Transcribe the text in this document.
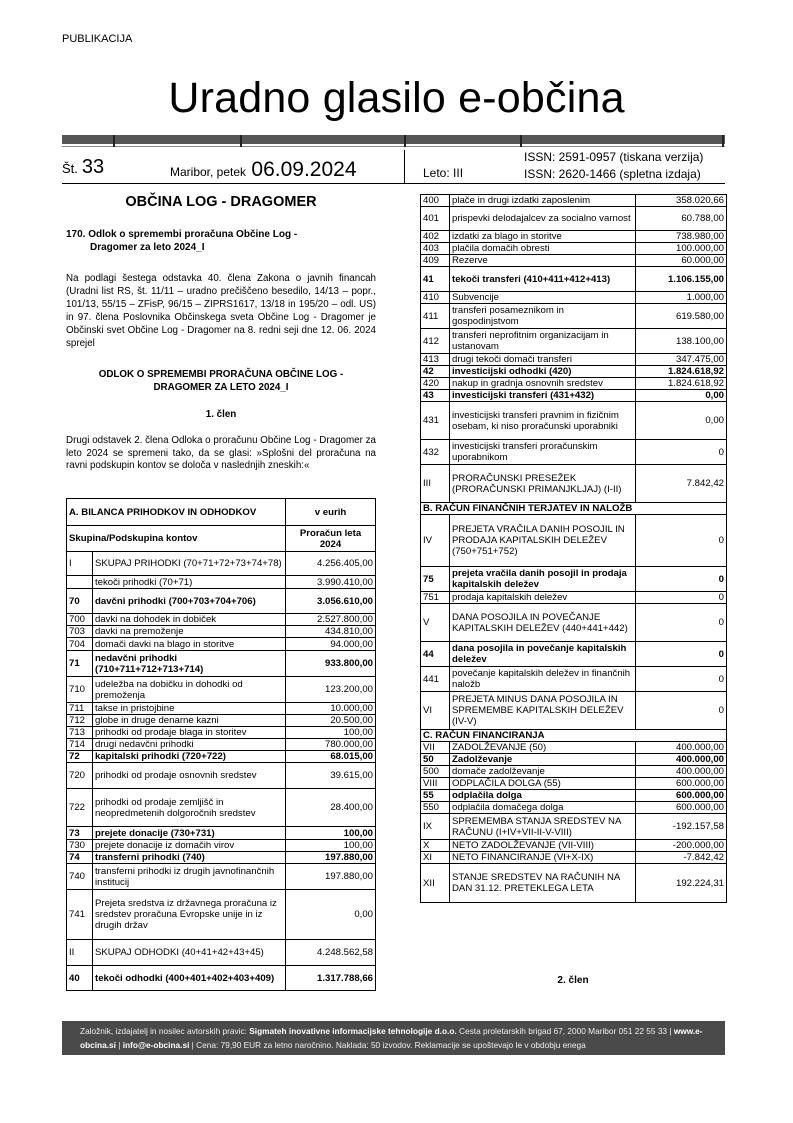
PUBLIKACIJA
Uradno glasilo e-občina
Št. 33	Maribor, petek 06.09.2024	Leto: III
ISSN: 2591-0957 (tiskana verzija)
ISSN: 2620-1466 (spletna izdaja)
OBČINA LOG - DRAGOMER
170. Odlok o spremembi proračuna Občine Log -
Dragomer za leto 2024_I
Na podlagi šestega odstavka 40. člena Zakona o javnih financah (Uradni list RS, št. 11/11 – uradno prečiščeno besedilo, 14/13 – popr., 101/13, 55/15 – ZFisP, 96/15 – ZIPRS1617, 13/18 in 195/20 – odl. US) in 97. člena Poslovnika Občinskega sveta Občine Log - Dragomer je Občinski svet Občine Log - Dragomer na 8. redni seji dne 12. 06. 2024 sprejel
ODLOK O SPREMEMBI PRORAČUNA OBČINE LOG -
DRAGOMER ZA LETO 2024_I
1. člen
Drugi odstavek 2. člena Odloka o proračunu Občine Log - Dragomer za leto 2024 se spremeni tako, da se glasi: »Splošni del proračuna na ravni podskupin kontov se določa v naslednjih zneskih:«
A. BILANCA PRIHODKOV IN ODHODKOV		v eurih
Skupina/Podskupina kontov		Proračun leta 2024
I	SKUPAJ PRIHODKI (70+71+72+73+74+78)	4.256.405,00
	tekoči prihodki (70+71)	3.990.410,00
70	davčni prihodki (700+703+704+706)	3.056.610,00
700	davki na dohodek in dobiček	2.527.800,00
703	davki na premoženje	434.810,00
704	domači davki na blago in storitve	94.000,00
71	nedavčni prihodki (710+711+712+713+714)	933.800,00
710	udeležba na dobičku in dohodki od premoženja	123.200,00
711	takse in pristojbine	10.000,00
712	globe in druge denarne kazni	20.500,00
713	prihodki od prodaje blaga in storitev	100,00
714	drugi nedavčni prihodki	780.000,00
72	kapitalski prihodki (720+722)	68.015,00
720	prihodki od prodaje osnovnih sredstev	39.615,00
722	prihodki od prodaje zemljišč in neopredmetenih dolgoročnih sredstev	28.400,00
73	prejete donacije (730+731)	100,00
730	prejete donacije iz domačih virov	100,00
74	transferni prihodki (740)	197.880,00
740	transferni prihodki iz drugih javnofinančnih institucij	197.880,00
741	Prejeta sredstva iz državnega proračuna iz sredstev proračuna Evropske unije in iz drugih držav	0,00
II	SKUPAJ ODHODKI (40+41+42+43+45)	4.248.562,58
40	tekoči odhodki (400+401+402+403+409)	1.317.788,66
400	plače in drugi izdatki zaposlenim	358.020,66
401	prispevki delodajalcev za socialno varnost	60.788,00
402	izdatki za blago in storitve	738.980,00
403	plačila domačih obresti	100.000,00
409	Rezerve	60.000,00
41	tekoči transferi (410+411+412+413)	1.106.155,00
410	Subvencije	1.000,00
411	transferi posameznikom in gospodinjstvom	619.580,00
412	transferi neprofitnim organizacijam in ustanovam	138.100,00
413	drugi tekoči domači transferi	347.475,00
42	investicijski odhodki (420)	1.824.618,92
420	nakup in gradnja osnovnih sredstev	1.824.618,92
43	investicijski transferi (431+432)	0,00
431	investicijski transferi pravnim in fizičnim osebam, ki niso proračunski uporabniki	0,00
432	investicijski transferi proračunskim uporabnikom	0
III	PRORAČUNSKI PRESEŽEK (PRORAČUNSKI PRIMANJKLJAJ) (I-II)	7.842,42
B. RAČUN FINANČNIH TERJATEV IN NALOŽB		
IV	PREJETA VRAČILA DANIH POSOJIL IN PRODAJA KAPITALSKIH DELEŽEV (750+751+752)	0
75	prejeta vračila danih posojil in prodaja kapitalskih deležev	0
751	prodaja kapitalskih deležev	0
V	DANA POSOJILA IN POVEČANJE KAPITALSKIH DELEŽEV (440+441+442)	0
44	dana posojila in povečanje kapitalskih deležev	0
441	povečanje kapitalskih deležev in finančnih naložb	0
VI	PREJETA MINUS DANA POSOJILA IN SPREMEMBE KAPITALSKIH DELEŽEV (IV-V)	0
C. RAČUN FINANCIRANJA		
VII	ZADOLŽEVANJE (50)	400.000,00
50	Zadolževanje	400.000,00
500	domače zadolževanje	400.000,00
VIII	ODPLAČILA DOLGA (55)	600.000,00
55	odplačila dolga	600.000,00
550	odplačila domačega dolga	600.000,00
IX	SPREMEMBA STANJA SREDSTEV NA RAČUNU (I+IV+VII-II-V-VIII)	-192.157,58
X	NETO ZADOLŽEVANJE (VII-VIII)	-200.000,00
XI	NETO FINANCIRANJE (VI+X-IX)	-7.842,42
XII	STANJE SREDSTEV NA RAČUNIH NA DAN 31.12. PRETEKLEGA LETA	192.224,31
2. člen
Založnik, izdajatelj in nosilec avtorskih pravic: Sigmateh inovativne informacijske tehnologije d.o.o. Cesta proletarskih brigad 67, 2000 Maribor 051 22 55 33 | www.e-obcina.si | info@e-obcina.si | Cena: 79,90 EUR za letno naročnino. Naklada: 50 izvodov. Reklamacije se upoštevajo le v obdobju enega
